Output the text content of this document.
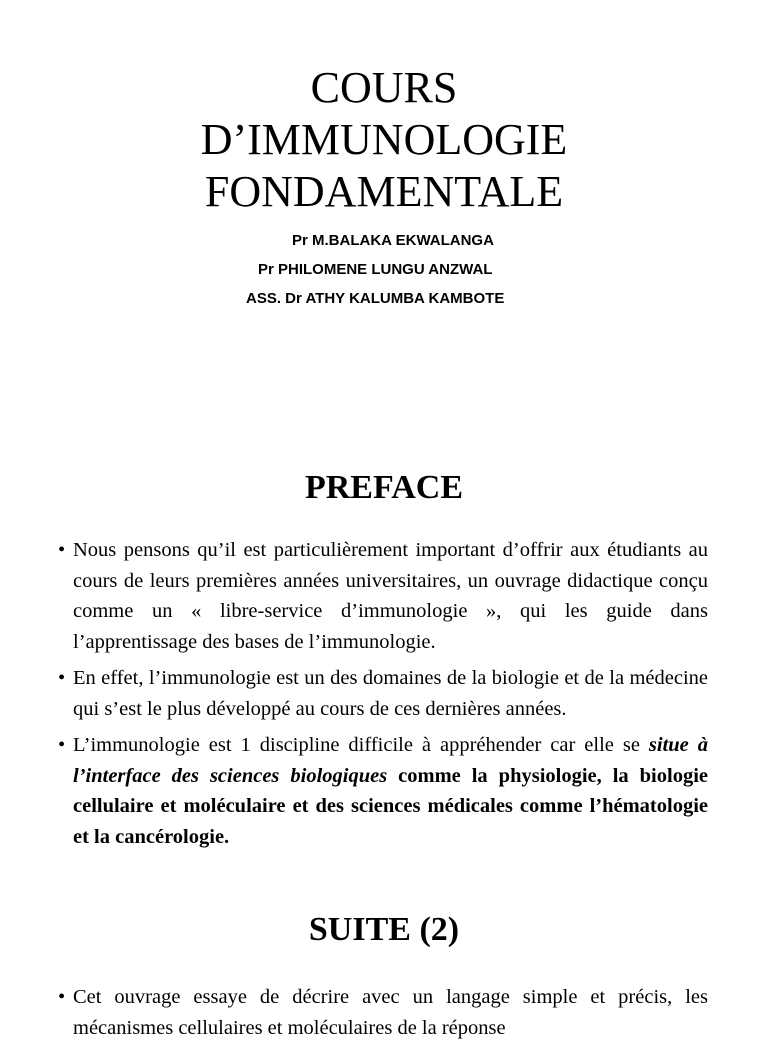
COURS
D’IMMUNOLOGIE
FONDAMENTALE
Pr M.BALAKA EKWALANGA
Pr PHILOMENE LUNGU ANZWAL
ASS. Dr ATHY KALUMBA KAMBOTE
PREFACE
• Nous pensons qu’il est particulièrement important d’offrir aux étudiants au cours de leurs premières années universitaires, un ouvrage didactique conçu comme un « libre-service d’immunologie », qui les guide dans l’apprentissage des bases de l’immunologie.
• En effet, l’immunologie est un des domaines de la biologie et de la médecine qui s’est le plus développé au cours de ces dernières années.
• L’immunologie est 1 discipline difficile à appréhender car elle se situe à l’interface des sciences biologiques comme la physiologie, la biologie cellulaire et moléculaire et des sciences médicales comme l’hématologie et la cancérologie.
SUITE (2)
• Cet ouvrage essaye de décrire avec un langage simple et précis, les mécanismes cellulaires et moléculaires de la réponse
